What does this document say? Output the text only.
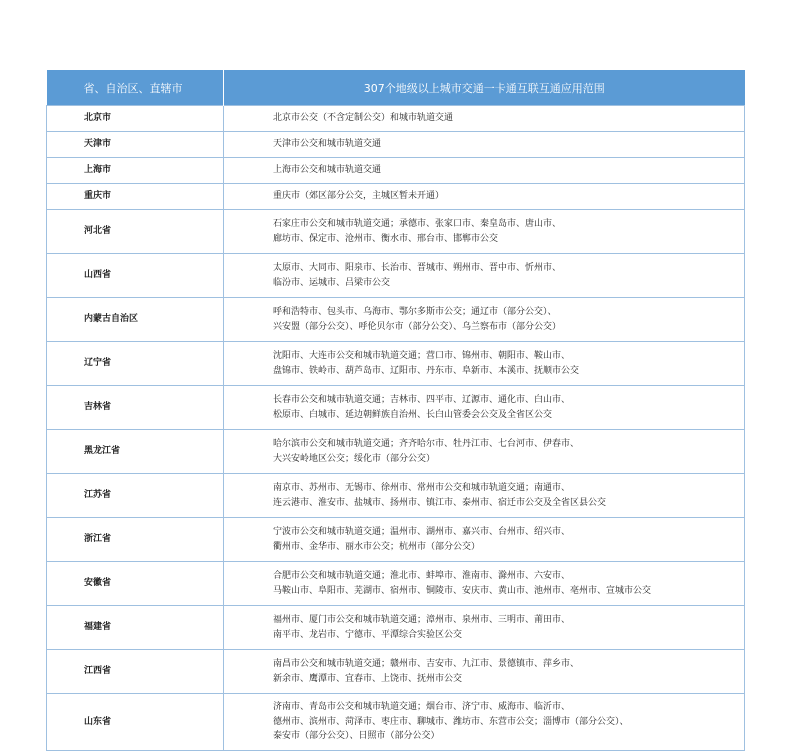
省、自治区、直辖市	307个地级以上城市交通一卡通互联互通应用范围
北京市	北京市公交（不含定制公交）和城市轨道交通

天津市	天津市公交和城市轨道交通

上海市	上海市公交和城市轨道交通

重庆市	重庆市（郊区部分公交，主城区暂未开通）

河北省	石家庄市公交和城市轨道交通；承德市、张家口市、秦皇岛市、唐山市、
廊坊市、保定市、沧州市、衡水市、邢台市、邯郸市公交

山西省	太原市、大同市、阳泉市、长治市、晋城市、朔州市、晋中市、忻州市、
临汾市、运城市、吕梁市公交

内蒙古自治区	呼和浩特市、包头市、乌海市、鄂尔多斯市公交；通辽市（部分公交）、
兴安盟（部分公交）、呼伦贝尔市（部分公交）、乌兰察布市（部分公交）

辽宁省	沈阳市、大连市公交和城市轨道交通；营口市、锦州市、朝阳市、鞍山市、
盘锦市、铁岭市、葫芦岛市、辽阳市、丹东市、阜新市、本溪市、抚顺市公交

吉林省	长春市公交和城市轨道交通；吉林市、四平市、辽源市、通化市、白山市、
松原市、白城市、延边朝鲜族自治州、长白山管委会公交及全省区公交

黑龙江省	哈尔滨市公交和城市轨道交通；齐齐哈尔市、牡丹江市、七台河市、伊春市、
大兴安岭地区公交；绥化市（部分公交）

江苏省	南京市、苏州市、无锡市、徐州市、常州市公交和城市轨道交通；南通市、
连云港市、淮安市、盐城市、扬州市、镇江市、泰州市、宿迁市公交及全省区县公交

浙江省	宁波市公交和城市轨道交通；温州市、湖州市、嘉兴市、台州市、绍兴市、
衢州市、金华市、丽水市公交；杭州市（部分公交）

安徽省	合肥市公交和城市轨道交通；淮北市、蚌埠市、淮南市、滁州市、六安市、
马鞍山市、阜阳市、芜湖市、宿州市、铜陵市、安庆市、黄山市、池州市、亳州市、宣城市公交

福建省	福州市、厦门市公交和城市轨道交通；漳州市、泉州市、三明市、莆田市、
南平市、龙岩市、宁德市、平潭综合实验区公交

江西省	南昌市公交和城市轨道交通；赣州市、吉安市、九江市、景德镇市、萍乡市、
新余市、鹰潭市、宜春市、上饶市、抚州市公交

山东省	济南市、青岛市公交和城市轨道交通；烟台市、济宁市、威海市、临沂市、
德州市、滨州市、菏泽市、枣庄市、聊城市、潍坊市、东营市公交；淄博市（部分公交）、
泰安市（部分公交）、日照市（部分公交）
